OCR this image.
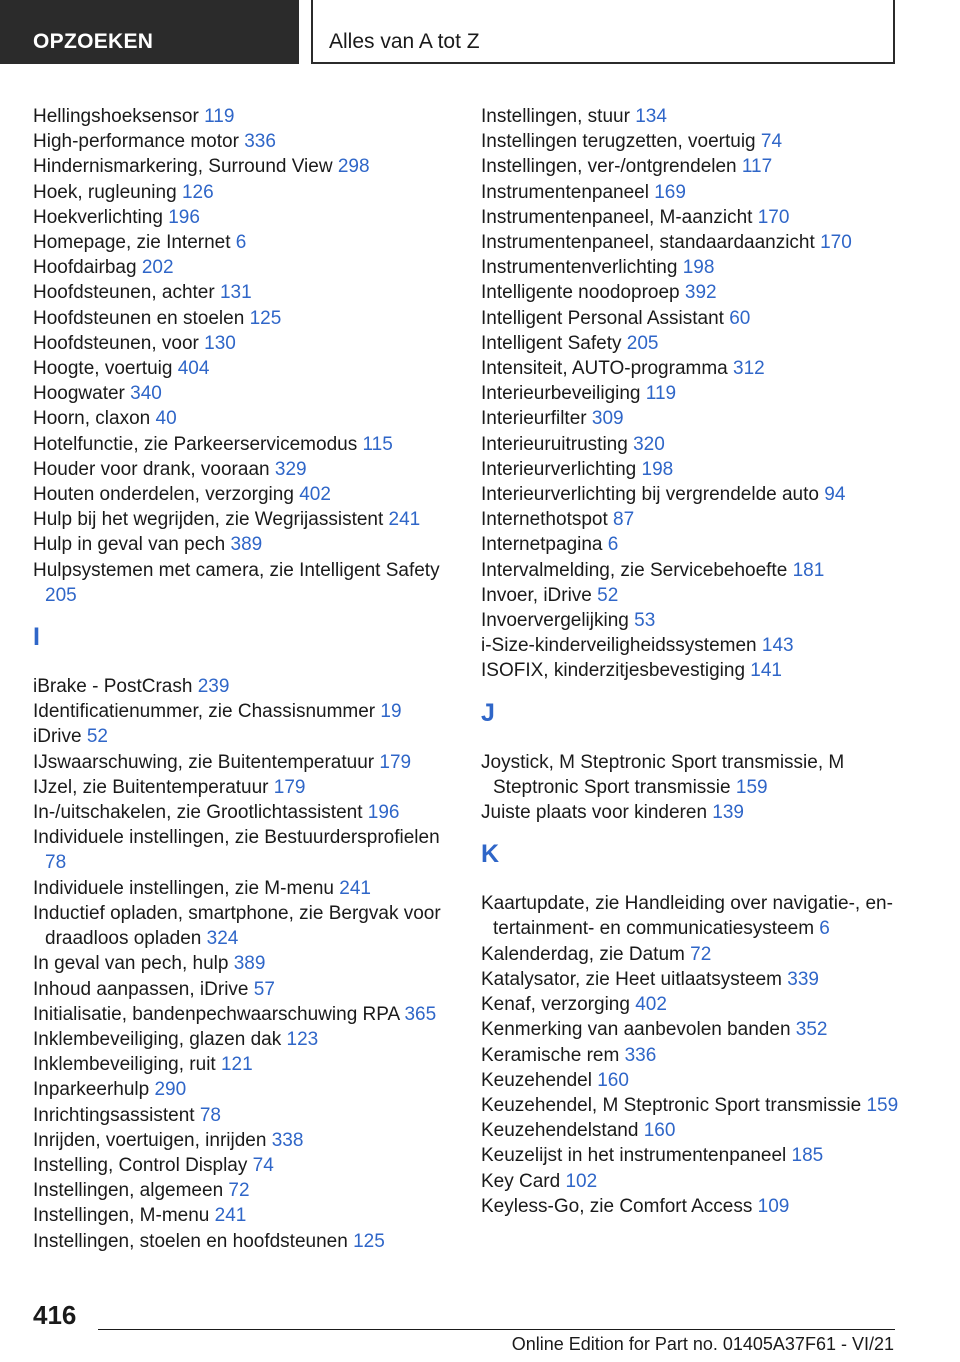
OPZOEKEN	Alles van A tot Z
Hellingshoeksensor 119
High-performance motor 336
Hindernismarkering, Surround View 298
Hoek, rugleuning 126
Hoekverlichting 196
Homepage, zie Internet 6
Hoofdairbag 202
Hoofdsteunen, achter 131
Hoofdsteunen en stoelen 125
Hoofdsteunen, voor 130
Hoogte, voertuig 404
Hoogwater 340
Hoorn, claxon 40
Hotelfunctie, zie Parkeerservicemodus 115
Houder voor drank, vooraan 329
Houten onderdelen, verzorging 402
Hulp bij het wegrijden, zie Wegrijassistent 241
Hulp in geval van pech 389
Hulpsystemen met camera, zie Intelligent Safety 205
I
iBrake - PostCrash 239
Identificatienummer, zie Chassisnummer 19
iDrive 52
IJswaarschuwing, zie Buitentemperatuur 179
IJzel, zie Buitentemperatuur 179
In-/uitschakelen, zie Grootlichtassistent 196
Individuele instellingen, zie Bestuurdersprofielen 78
Individuele instellingen, zie M-menu 241
Inductief opladen, smartphone, zie Bergvak voor draadloos opladen 324
In geval van pech, hulp 389
Inhoud aanpassen, iDrive 57
Initialisatie, bandenpechwaarschuwing RPA 365
Inklembeveiliging, glazen dak 123
Inklembeveiliging, ruit 121
Inparkeerhulp 290
Inrichtingsassistent 78
Inrijden, voertuigen, inrijden 338
Instelling, Control Display 74
Instellingen, algemeen 72
Instellingen, M-menu 241
Instellingen, stoelen en hoofdsteunen 125
Instellingen, stuur 134
Instellingen terugzetten, voertuig 74
Instellingen, ver-/ontgrendelen 117
Instrumentenpaneel 169
Instrumentenpaneel, M-aanzicht 170
Instrumentenpaneel, standaardaanzicht 170
Instrumentenverlichting 198
Intelligente noodoproep 392
Intelligent Personal Assistant 60
Intelligent Safety 205
Intensiteit, AUTO-programma 312
Interieurbeveiliging 119
Interieurfilter 309
Interieuruitrusting 320
Interieurverlichting 198
Interieurverlichting bij vergrendelde auto 94
Internethotspot 87
Internetpagina 6
Intervalmelding, zie Servicebehoefte 181
Invoer, iDrive 52
Invoervergelijking 53
i-Size-kinderveiligheidssystemen 143
ISOFIX, kinderzitjesbevestiging 141
J
Joystick, M Steptronic Sport transmissie, M Steptronic Sport transmissie 159
Juiste plaats voor kinderen 139
K
Kaartupdate, zie Handleiding over navigatie-, entertainment- en communicatiesysteem 6
Kalenderdag, zie Datum 72
Katalysator, zie Heet uitlaatsysteem 339
Kenaf, verzorging 402
Kenmerking van aanbevolen banden 352
Keramische rem 336
Keuzehendel 160
Keuzehendel, M Steptronic Sport transmissie 159
Keuzehendelstand 160
Keuzelijst in het instrumentenpaneel 185
Key Card 102
Keyless-Go, zie Comfort Access 109
416
Online Edition for Part no. 01405A37F61 - VI/21
